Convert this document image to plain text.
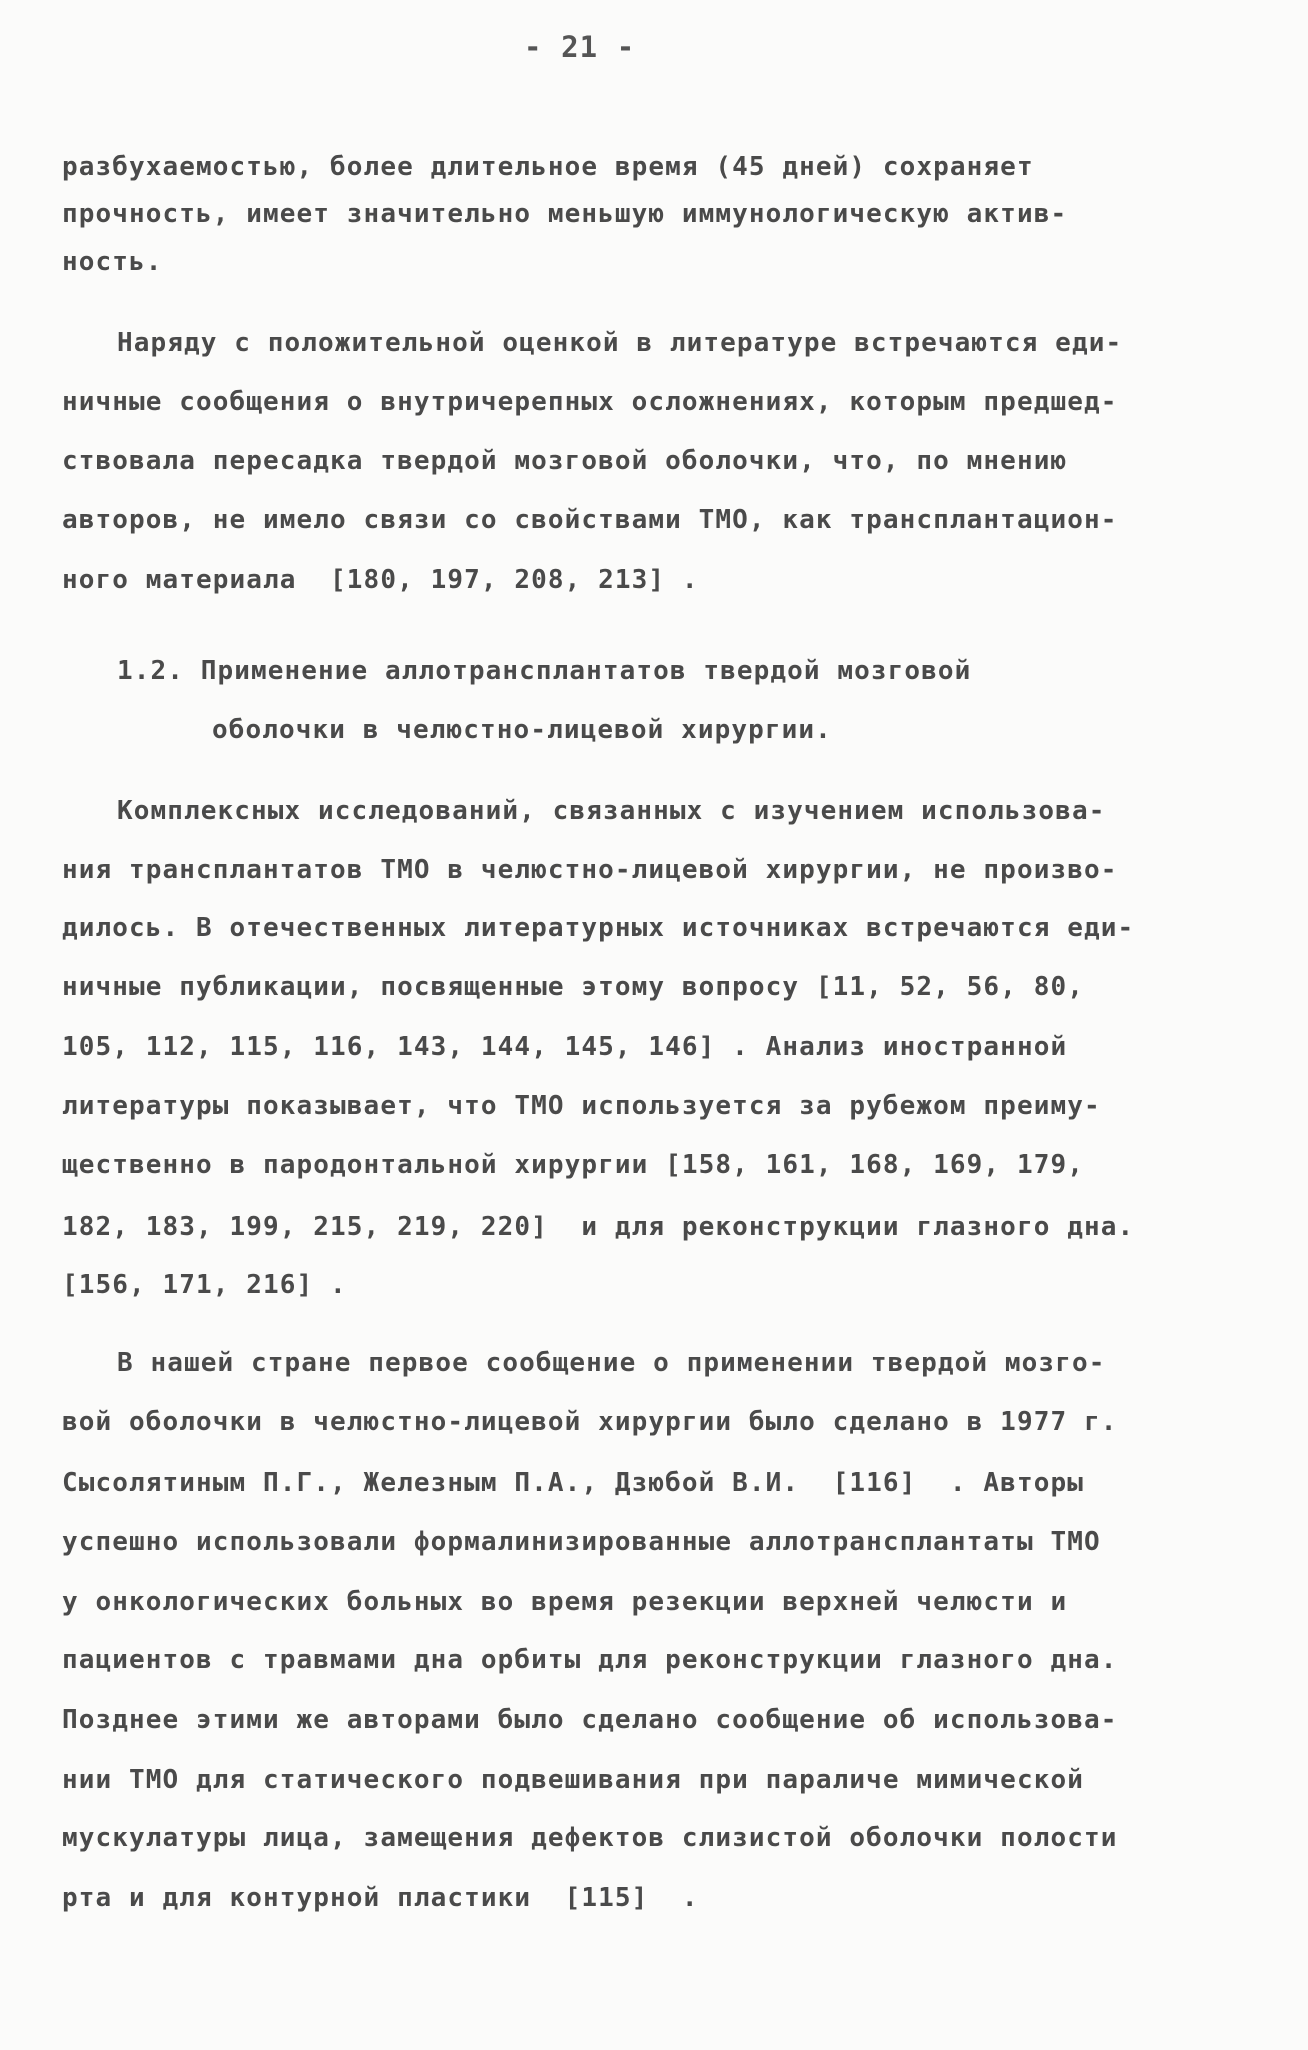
- 21 -
разбухаемостью, более длительное время (45 дней) сохраняет
прочность, имеет значительно меньшую иммунологическую актив-
ность.
Наряду с положительной оценкой в литературе встречаются еди-
ничные сообщения о внутричерепных осложнениях, которым предшед-
ствовала пересадка твердой мозговой оболочки, что, по мнению
авторов, не имело связи со свойствами ТМО, как трансплантацион-
ного материала  [180, 197, 208, 213] .
1.2. Применение аллотрансплантатов твердой мозговой
оболочки в челюстно-лицевой хирургии.
Комплексных исследований, связанных с изучением использова-
ния трансплантатов ТМО в челюстно-лицевой хирургии, не произво-
дилось. В отечественных литературных источниках встречаются еди-
ничные публикации, посвященные этому вопросу [11, 52, 56, 80,
105, 112, 115, 116, 143, 144, 145, 146] . Анализ иностранной
литературы показывает, что ТМО используется за рубежом преиму-
щественно в пародонтальной хирургии [158, 161, 168, 169, 179,
182, 183, 199, 215, 219, 220]  и для реконструкции глазного дна.
[156, 171, 216] .
В нашей стране первое сообщение о применении твердой мозго-
вой оболочки в челюстно-лицевой хирургии было сделано в 1977 г.
Сысолятиным П.Г., Железным П.А., Дзюбой В.И.  [116]  . Авторы
успешно использовали формалинизированные аллотрансплантаты ТМО
у онкологических больных во время резекции верхней челюсти и
пациентов с травмами дна орбиты для реконструкции глазного дна.
Позднее этими же авторами было сделано сообщение об использова-
нии ТМО для статического подвешивания при параличе мимической
мускулатуры лица, замещения дефектов слизистой оболочки полости
рта и для контурной пластики  [115]  .
